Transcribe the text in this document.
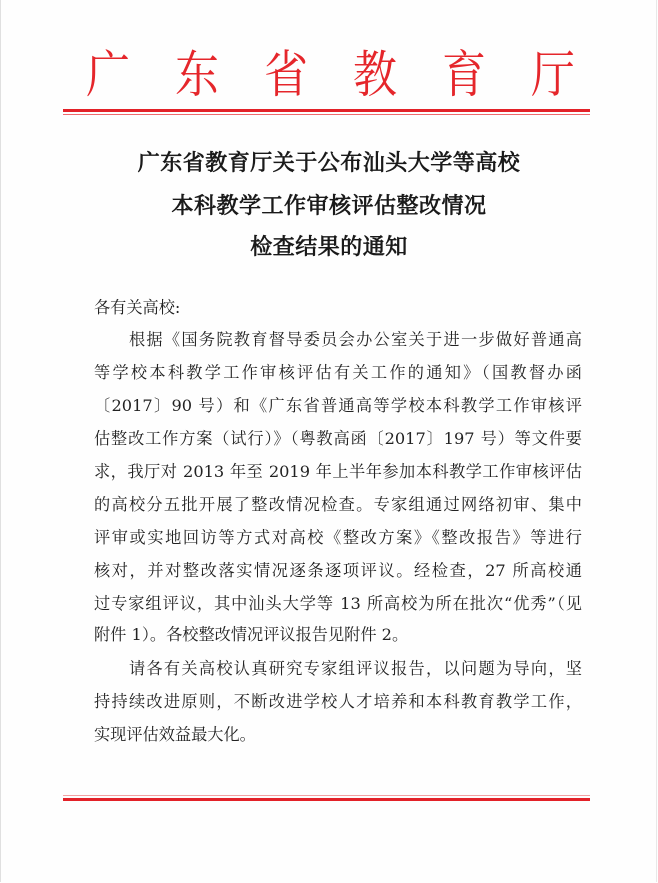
广 东 省 教 育 厅
广东省教育厅关于公布汕头大学等高校
本科教学工作审核评估整改情况
检查结果的通知
各有关高校:
　　根据《国务院教育督导委员会办公室关于进一步做好普通高
等学校本科教学工作审核评估有关工作的通知》（国教督办函
〔2017〕90 号）和《广东省普通高等学校本科教学工作审核评
估整改工作方案（试行）》（粤教高函〔2017〕197 号）等文件要
求，我厅对 2013 年至 2019 年上半年参加本科教学工作审核评估
的高校分五批开展了整改情况检查。专家组通过网络初审、集中
评审或实地回访等方式对高校《整改方案》《整改报告》等进行
核对，并对整改落实情况逐条逐项评议。经检查，27 所高校通
过专家组评议，其中汕头大学等 13 所高校为所在批次“优秀”（见
附件 1）。各校整改情况评议报告见附件 2。
　　请各有关高校认真研究专家组评议报告，以问题为导向，坚
持持续改进原则，不断改进学校人才培养和本科教育教学工作，
实现评估效益最大化。
